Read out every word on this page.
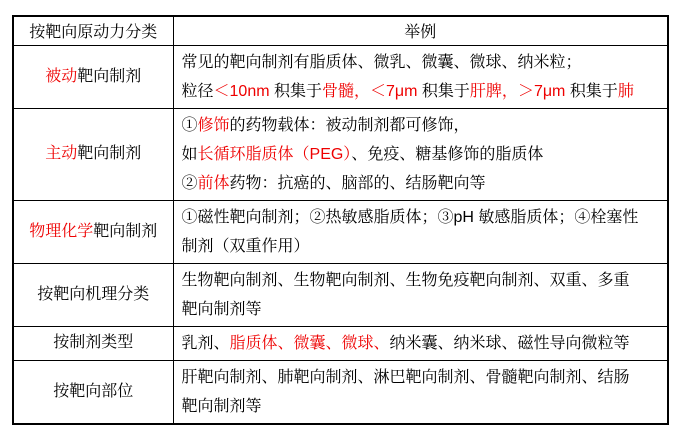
按靶向原动力分类	举例
被动靶向制剂	常见的靶向制剂有脂质体、微乳、微囊、微球、纳米粒；
粒径＜10nm 积集于骨髓，＜7μm 积集于肝脾，＞7μm 积集于肺

主动靶向制剂	①修饰的药物载体：被动制剂都可修饰，
如长循环脂质体（PEG）、免疫、糖基修饰的脂质体
②前体药物：抗癌的、脑部的、结肠靶向等

物理化学靶向制剂	①磁性靶向制剂；②热敏感脂质体；③pH 敏感脂质体；④栓塞性
制剂（双重作用）

按靶向机理分类	生物靶向制剂、生物靶向制剂、生物免疫靶向制剂、双重、多重
靶向制剂等

按制剂类型	乳剂、脂质体、微囊、微球、纳米囊、纳米球、磁性导向微粒等

按靶向部位	肝靶向制剂、肺靶向制剂、淋巴靶向制剂、骨髓靶向制剂、结肠
靶向制剂等
